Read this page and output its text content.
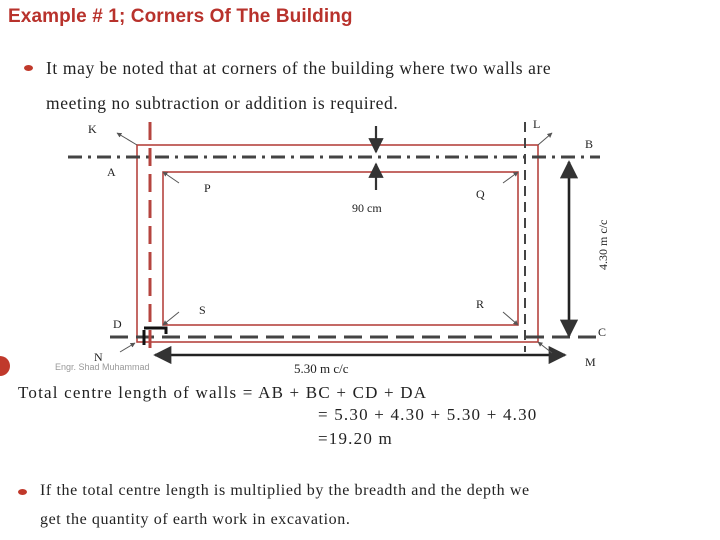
Example # 1; Corners Of The Building
It may be noted that at corners of the building where two walls are
meeting no subtraction or addition is required.
4.30 m c/c
K	L
A
B
P	Q
90 cm
S	R
D
C
N	M
5.30 m c/c
Engr. Shad Muhammad
Total centre length of walls = AB + BC + CD + DA
= 5.30 + 4.30 + 5.30 + 4.30
=19.20 m
If the total centre length is multiplied by the breadth and the depth we
get the quantity of earth work in excavation.
